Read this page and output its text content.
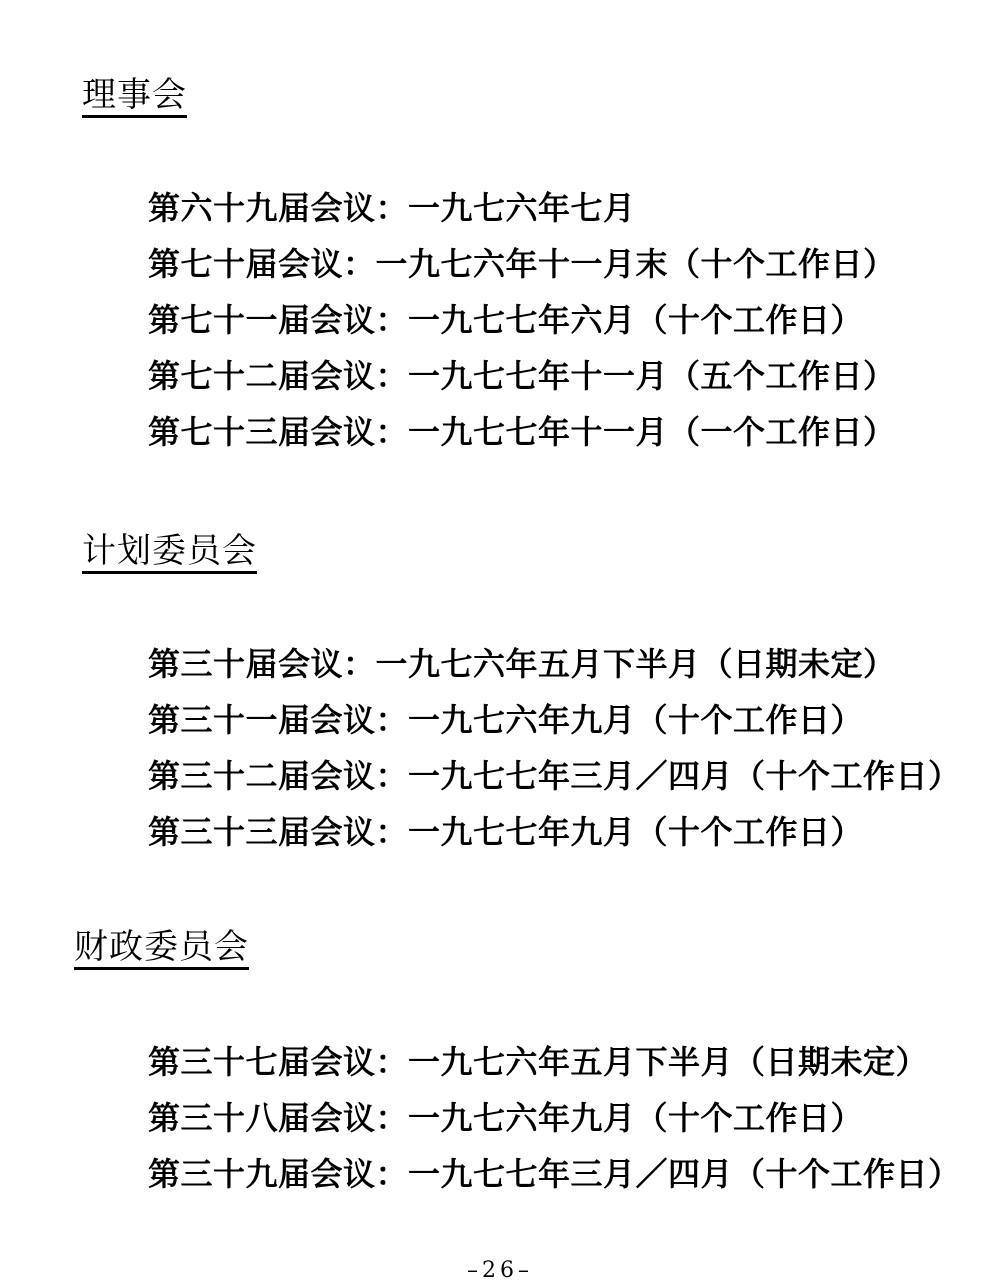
理事会
第六十九届会议：一九七六年七月
第七十届会议：一九七六年十一月末（十个工作日）
第七十一届会议：一九七七年六月（十个工作日）
第七十二届会议：一九七七年十一月（五个工作日）
第七十三届会议：一九七七年十一月（一个工作日）
计划委员会
第三十届会议：一九七六年五月下半月（日期未定）
第三十一届会议：一九七六年九月（十个工作日）
第三十二届会议：一九七七年三月／四月（十个工作日）
第三十三届会议：一九七七年九月（十个工作日）
财政委员会
第三十七届会议：一九七六年五月下半月（日期未定）
第三十八届会议：一九七六年九月（十个工作日）
第三十九届会议：一九七七年三月／四月（十个工作日）
–26–
